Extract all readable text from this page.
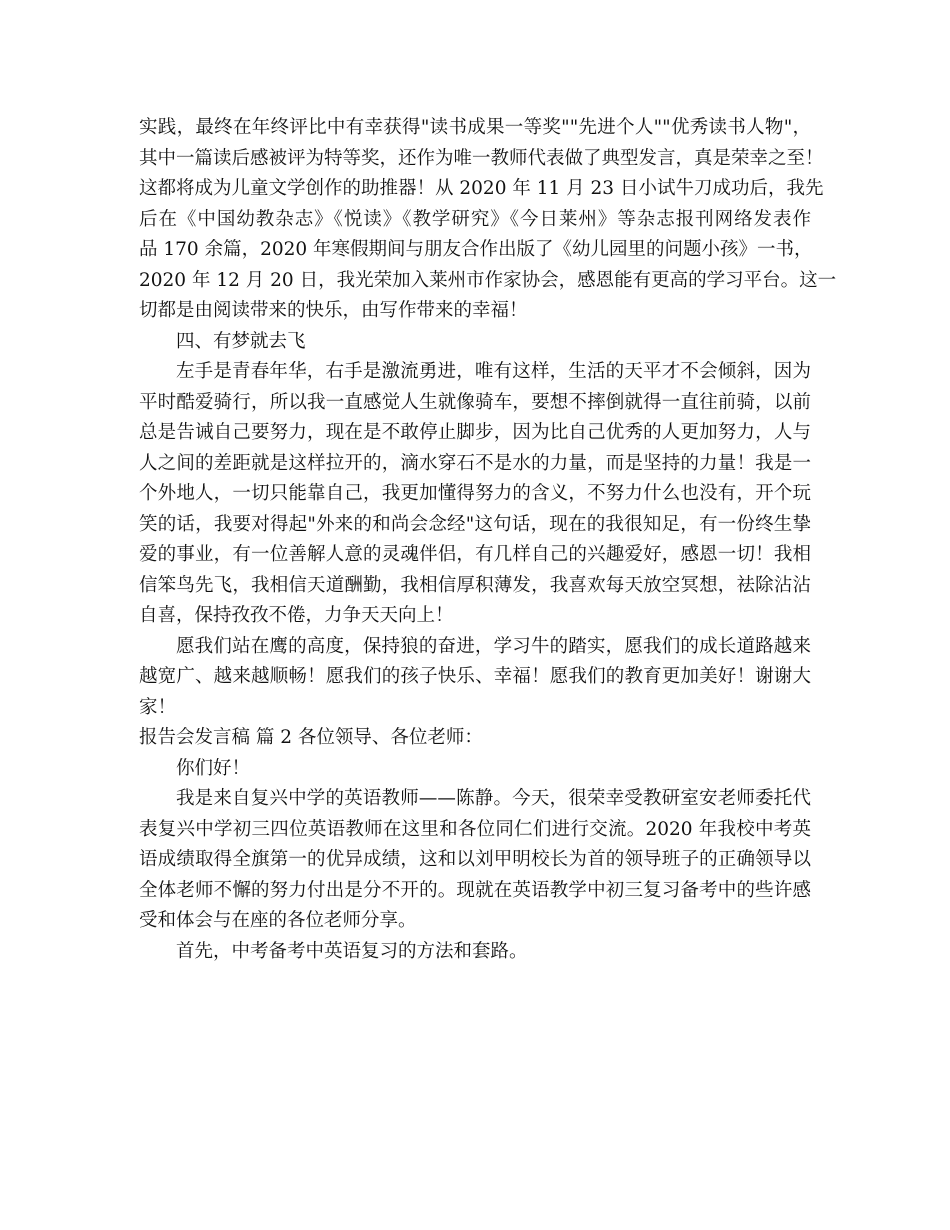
实践，最终在年终评比中有幸获得"读书成果一等奖""先进个人""优秀读书人物"，
其中一篇读后感被评为特等奖，还作为唯一教师代表做了典型发言，真是荣幸之至！
这都将成为儿童文学创作的助推器！从 2020 年 11 月 23 日小试牛刀成功后，我先
后在《中国幼教杂志》《悦读》《教学研究》《今日莱州》等杂志报刊网络发表作
品 170 余篇，2020 年寒假期间与朋友合作出版了《幼儿园里的问题小孩》一书，
2020 年 12 月 20 日，我光荣加入莱州市作家协会，感恩能有更高的学习平台。这一
切都是由阅读带来的快乐，由写作带来的幸福！
四、有梦就去飞
左手是青春年华，右手是激流勇进，唯有这样，生活的天平才不会倾斜，因为
平时酷爱骑行，所以我一直感觉人生就像骑车，要想不摔倒就得一直往前骑，以前
总是告诫自己要努力，现在是不敢停止脚步，因为比自己优秀的人更加努力，人与
人之间的差距就是这样拉开的，滴水穿石不是水的力量，而是坚持的力量！我是一
个外地人，一切只能靠自己，我更加懂得努力的含义，不努力什么也没有，开个玩
笑的话，我要对得起"外来的和尚会念经"这句话，现在的我很知足，有一份终生挚
爱的事业，有一位善解人意的灵魂伴侣，有几样自己的兴趣爱好，感恩一切！我相
信笨鸟先飞，我相信天道酬勤，我相信厚积薄发，我喜欢每天放空冥想，祛除沾沾
自喜，保持孜孜不倦，力争天天向上！
愿我们站在鹰的高度，保持狼的奋进，学习牛的踏实，愿我们的成长道路越来
越宽广、越来越顺畅！愿我们的孩子快乐、幸福！愿我们的教育更加美好！谢谢大
家！
报告会发言稿 篇 2 各位领导、各位老师：
你们好！
我是来自复兴中学的英语教师——陈静。今天，很荣幸受教研室安老师委托代
表复兴中学初三四位英语教师在这里和各位同仁们进行交流。2020 年我校中考英
语成绩取得全旗第一的优异成绩，这和以刘甲明校长为首的领导班子的正确领导以
全体老师不懈的努力付出是分不开的。现就在英语教学中初三复习备考中的些许感
受和体会与在座的各位老师分享。
首先，中考备考中英语复习的方法和套路。
